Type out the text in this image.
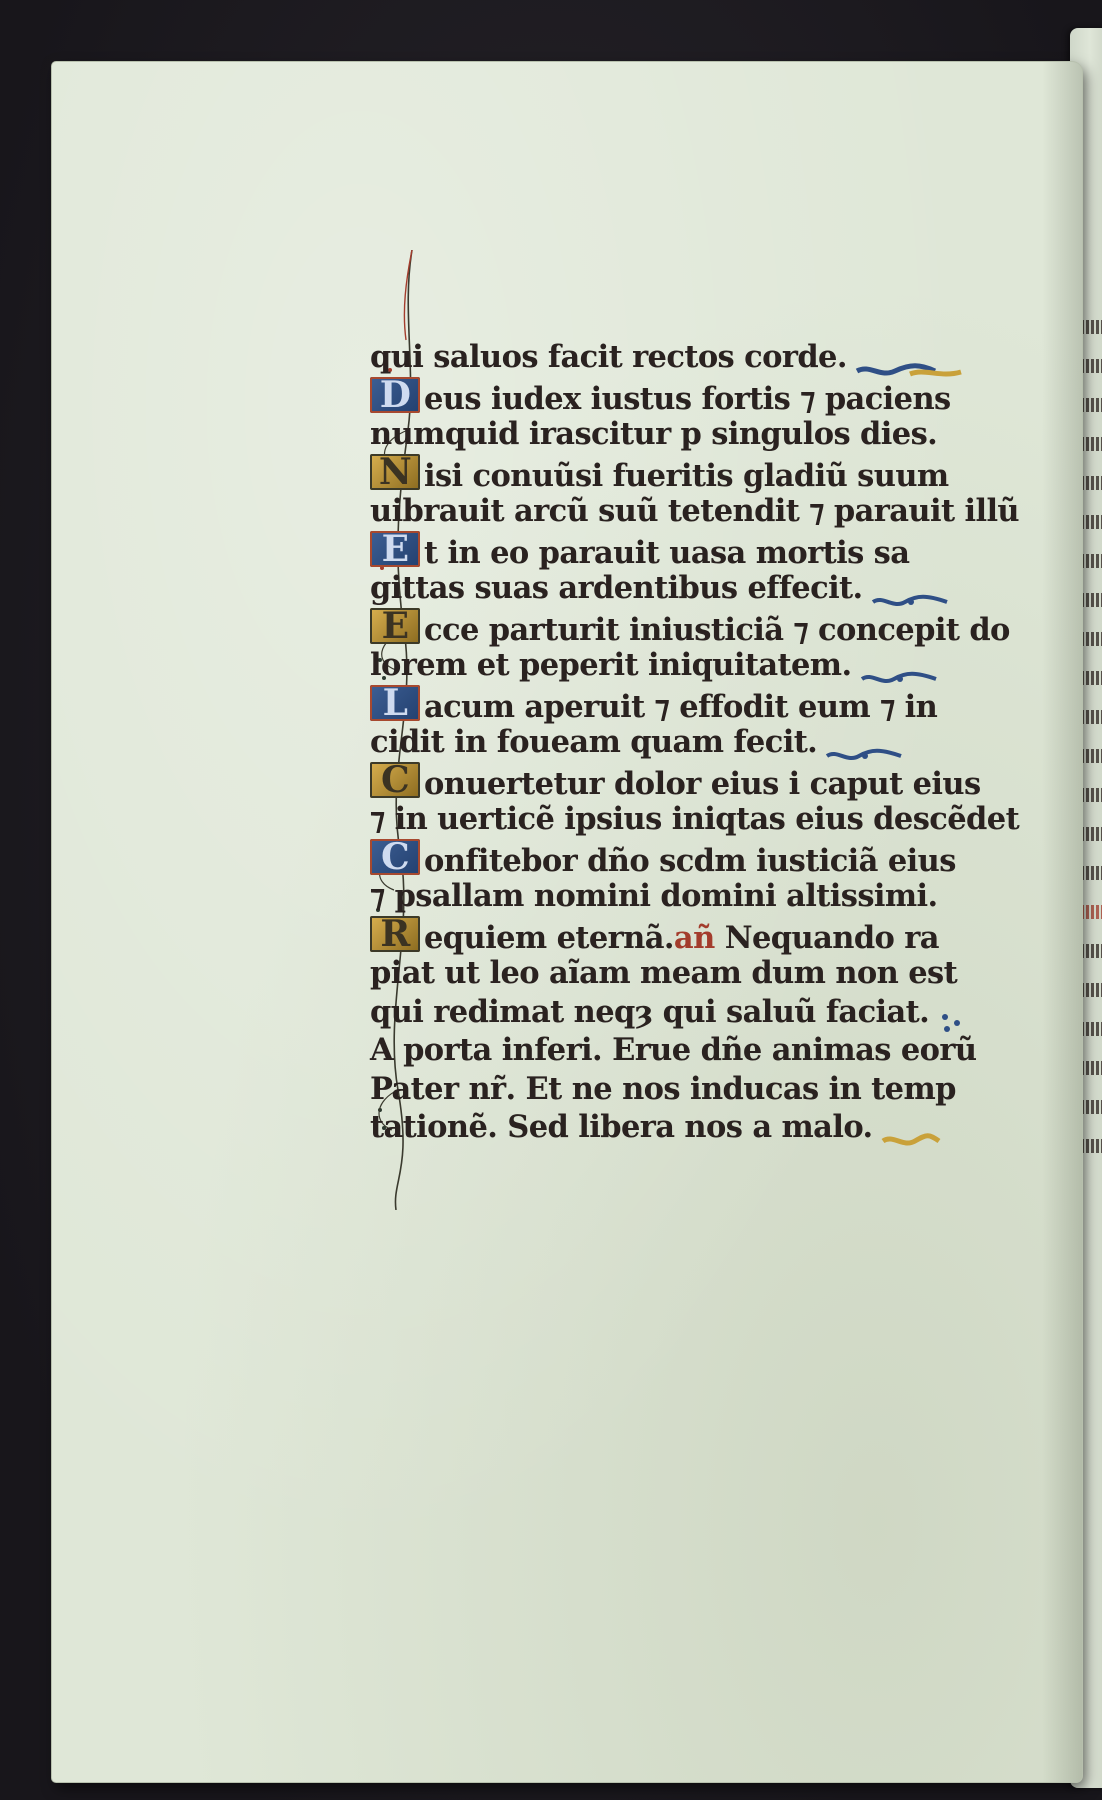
qui saluos facit rectos corde.
D eus iudex iustus fortis ⁊ paciens
numquid irascitur p singulos dies.
N isi conuũsi fueritis gladiũ suum
uibrauit arcũ suũ tetendit ⁊ parauit illũ
E t in eo parauit uasa mortis sa
gittas suas ardentibus effecit.
E cce parturit iniusticiã ⁊ concepit do
lorem et peperit iniquitatem.
L acum aperuit ⁊ effodit eum ⁊ in
cidit in foueam quam fecit.
C onuertetur dolor eius i caput eius
⁊ in uerticẽ ipsius iniqtas eius descẽdet
C onfitebor dño scdm iusticiã eius
⁊ psallam nomini domini altissimi.
R equiem eternã.añ Nequando ra
piat ut leo aĩam meam dum non est
qui redimat neqȝ qui saluũ faciat.
A porta inferi. Erue dñe animas eorũ
Pater nr̃. Et ne nos inducas in temp
tationẽ. Sed libera nos a malo.
